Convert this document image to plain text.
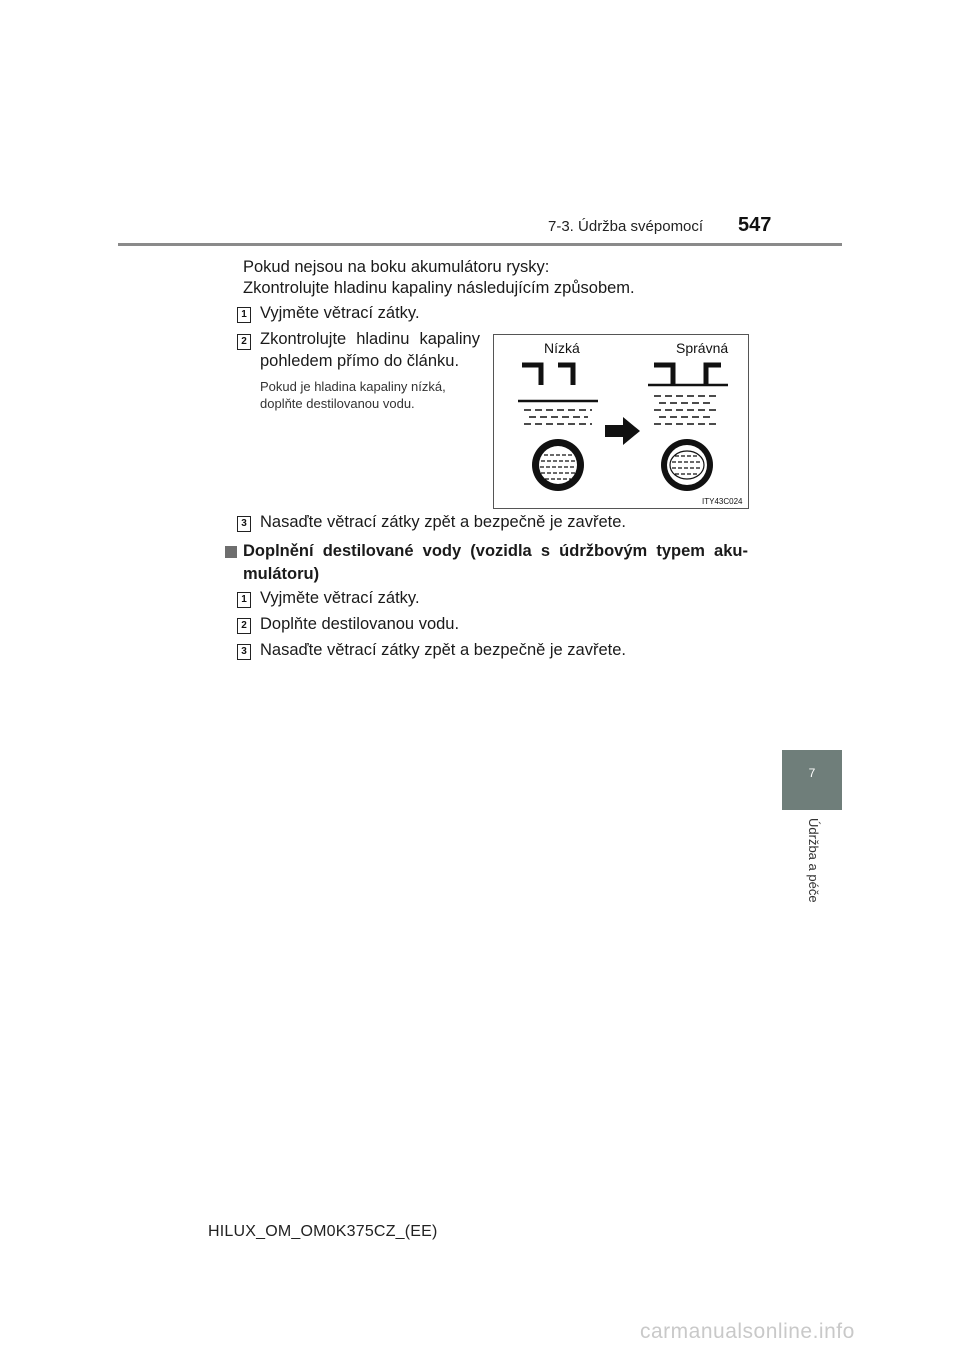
7-3. Údržba svépomocí 547
Pokud nejsou na boku akumulátoru rysky:
Zkontrolujte hladinu kapaliny následujícím způsobem.
1 Vyjměte větrací zátky.
2 Zkontrolujte hladinu kapaliny
pohledem přímo do článku.
Pokud je hladina kapaliny nízká,
doplňte destilovanou vodu.
Nízká	Správná
ITY43C024
3 Nasaďte větrací zátky zpět a bezpečně je zavřete.
Doplnění destilované vody (vozidla s údržbovým typem aku-
mulátoru)
1 Vyjměte větrací zátky.
2 Doplňte destilovanou vodu.
3 Nasaďte větrací zátky zpět a bezpečně je zavřete.
7
Údržba a péče
HILUX_OM_OM0K375CZ_(EE)
carmanualsonline.info
